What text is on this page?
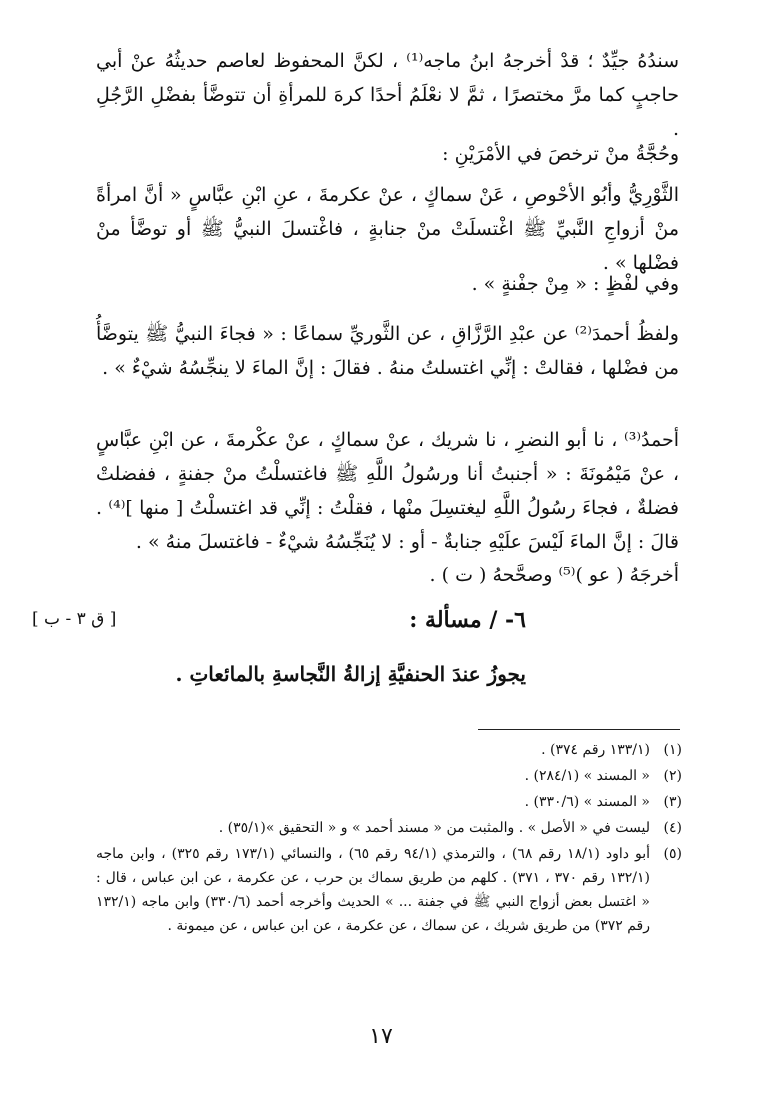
سندُهُ جيِّدٌ ؛ قدْ أخرجهُ ابنُ ماجه⁽¹⁾ ، لكنَّ المحفوظ لعاصم حديثُهُ عنْ أبي حاجبٍ كما مرَّ مختصرًا ، ثمَّ لا نعْلَمُ أحدًا كرهَ للمرأةِ أن تتوضَّأ بفضْلِ الرَّجُلِ .

وحُجَّةُ منْ ترخصَ في الأمْرَيْنِ :

الثَّوْرِيُّ وأبُو الأحْوصِ ، عَنْ سماكٍ ، عنْ عكرمةَ ، عنِ ابْنِ عبَّاسٍ « أنَّ امرأةً منْ أزواجِ النَّبيِّ ﷺ اغْتسلَتْ منْ جنابةٍ ، فاغْتسلَ النبيُّ ﷺ أو توضَّأ منْ فضْلها » .

وفي لفْظٍ : « مِنْ جفْنةٍ » .

ولفظُ أحمدَ⁽²⁾ عن عبْدِ الرَّزَّاقِ ، عن الثَّوريِّ سماعًا : « فجاءَ النبيُّ ﷺ يتوضَّأُ من فضْلها ، فقالتْ : إنِّي اغتسلتُ منهُ . فقالَ : إنَّ الماءَ لا ينجِّسُهُ شيْءٌ » .

أحمدُ⁽³⁾ ، نا أبو النضرِ ، نا شريك ، عنْ سماكٍ ، عنْ عكْرمةَ ، عن ابْنِ عبَّاسٍ ، عنْ مَيْمُونَةَ : « أجنبتُ أنا ورسُولُ اللَّهِ ﷺ فاغتسلْتُ منْ جفنةٍ ، ففضلتْ فضلةٌ ، فجاءَ رسُولُ اللَّهِ ليغتسِلَ منْها ، فقلْتُ : إنِّي قد اغتسلْتُ [ منها ]⁽⁴⁾ . قالَ : إنَّ الماءَ لَيْسَ علَيْهِ جنابةٌ - أو : لا يُنَجِّسُهُ شيْءٌ - فاغتسلَ منهُ » .

أخرجَهُ ( عو )⁽⁵⁾ وصحَّحهُ ( ت ) .

٦- / مسألة :
[ ق ٣ - ب ]
يجوزُ عندَ الحنفيَّةِ إزالةُ النَّجاسةِ بالمائعاتِ .
(١)
(١٣٣/١ رقم ٣٧٤) .
(٢)
« المسند » (٢٨٤/١) .
(٣)
« المسند » (٣٣٠/٦) .
(٤)
ليست في « الأصل » . والمثبت من « مسند أحمد » و « التحقيق »(٣٥/١) .
(٥)
أبو داود (١٨/١ رقم ٦٨) ، والترمذي (٩٤/١ رقم ٦٥) ، والنسائي (١٧٣/١ رقم ٣٢٥) ، وابن ماجه (١٣٢/١ رقم ٣٧٠ ، ٣٧١) . كلهم من طريق سماك بن حرب ، عن عكرمة ، عن ابن عباس ، قال : « اغتسل بعض أزواج النبي ﷺ في جفنة ... » الحديث وأخرجه أحمد (٣٣٠/٦) وابن ماجه (١٣٢/١ رقم ٣٧٢) من طريق شريك ، عن سماك ، عن عكرمة ، عن ابن عباس ، عن ميمونة .
١٧
